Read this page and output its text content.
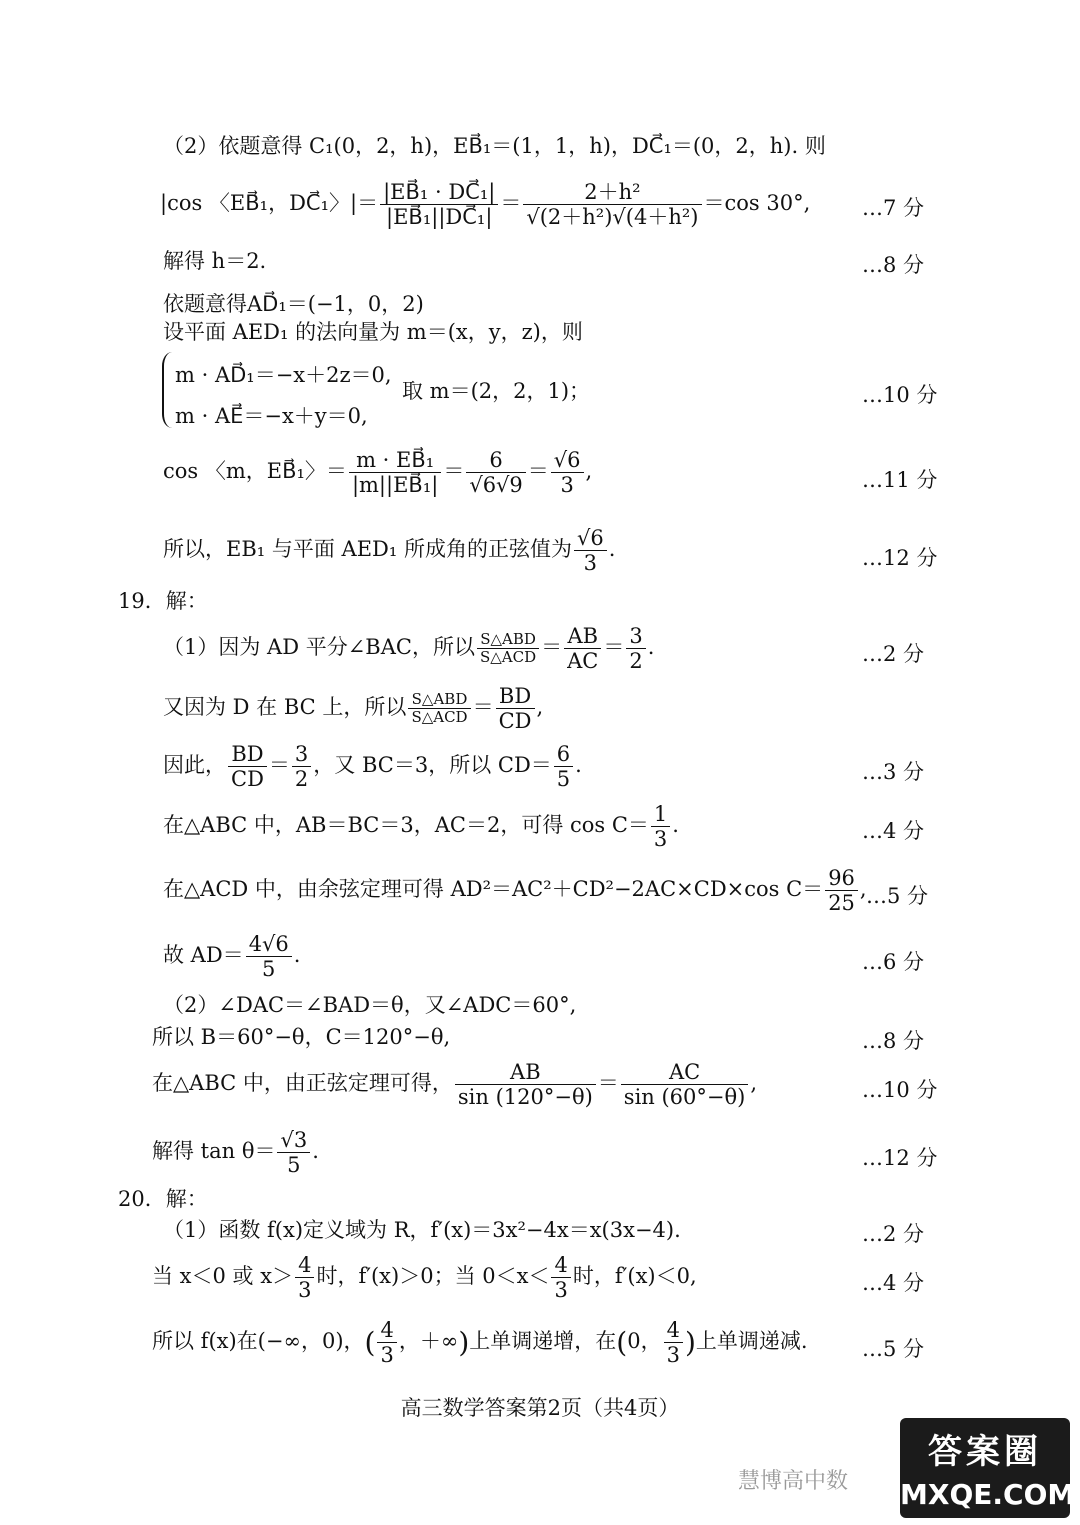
（2）依题意得 C₁(0，2，h)，EB⃗₁＝(1，1，h)，DC⃗₁＝(0，2，h). 则
|cos 〈EB⃗₁，DC⃗₁〉|＝ $\frac{\text{|EB⃗₁ · DC⃗₁|}}{\text{|EB⃗₁||DC⃗₁|}} = \frac{\text{2＋h²}}{\text{√(2＋h²)√(4＋h²)}} =\cos$ 30°, …7 分
解得 h＝2.	…8 分
依题意得AD⃗₁＝(−1，0，2)
设平面 AED₁ 的法向量为 m＝(x，y，z)，则
m · AD⃗₁＝−x＋2z＝0,
m · AE⃗＝−x＋y＝0,
取 m＝(2，2，1)；	…10 分
cos 〈m，EB⃗₁〉＝ $\frac{\text{m · EB⃗₁}}{\text{|m||EB⃗₁|}} = \frac{6}{√6√9} = \frac{√6}{3}$ ,	…11 分
所以，EB₁ 与平面 AED₁ 所成角的正弦值为 $\frac{√6}{3}$ .	…12 分
19．解：
（1）因为 AD 平分∠BAC，所以 $\frac{\text{S△ABD}}{\text{S△ACD}} = \frac{AB}{AC} = \frac{3}{2}$ .	…2 分
又因为 D 在 BC 上，所以 $\frac{\text{S△ABD}}{\text{S△ACD}} = \frac{BD}{CD}$ ,
因此， $\frac{BD}{CD} = \frac{3}{2}$ ，又 BC＝3，所以 $CD= \frac{6}{5}$ .	…3 分
在△ABC 中，AB＝BC＝3，AC＝2，可得 $\cos C= \frac{1}{3}$ .	…4 分
在△ACD 中，由余弦定理可得 AD²＝AC²＋CD²−2AC×CD×cos $C= \frac{96}{25}$ , …5 分
故 $AD= \frac{4√6}{5}$ .	…6 分
（2）∠DAC＝∠BAD＝θ，又∠ADC＝60°,
所以 B＝60°−θ，C＝120°−θ,	…8 分
在△ABC 中，由正弦定理可得， $\frac{AB}{\sin (120^\circ-\theta)} = \frac{AC}{\sin (60^\circ-\theta)}$ ,	…10 分
解得 $\tan \theta= \frac{√3}{5}$ .	…12 分
20．解：
（1）函数 f(x)定义域为 R，f′(x)＝3x²−4x＝x(3x−4).	…2 分
当 x＜0 或 $x> \frac{4}{3}$ 时，f′(x)＞0；当 $0<x< \frac{4}{3}$ 时，f′(x)＜0,	…4 分
所以 f(x)在(−∞，0)，( $\frac{4}{3}$ ，＋∞)上单调递增，在(0， $\frac{4}{3}$ )上单调递减.	…5 分
高三数学答案第2页（共4页）
慧博高中数
答案圈
MXQE.COM
